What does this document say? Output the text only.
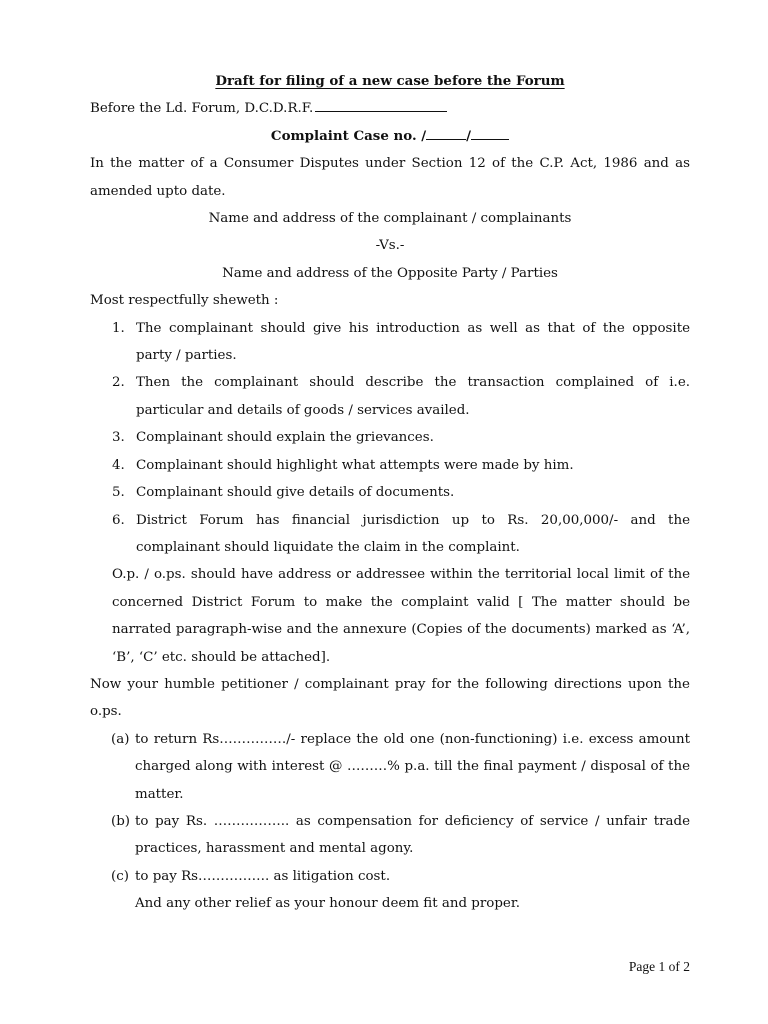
Draft for filing of a new case before the Forum
Before the Ld. Forum, D.C.D.R.F.
Complaint Case no. /	/
In the matter of a Consumer Disputes under Section 12 of the C.P. Act, 1986 and as amended upto date.
Name and address of the complainant / complainants
-Vs.-
Name and address of the Opposite Party / Parties
Most respectfully sheweth :
1. The complainant should give his introduction as well as that of the opposite party / parties.
2. Then the complainant should describe the transaction complained of i.e. particular and details of goods / services availed.
3. Complainant should explain the grievances.
4. Complainant should highlight what attempts were made by him.
5. Complainant should give details of documents.
6. District Forum has financial jurisdiction up to Rs. 20,00,000/- and the complainant should liquidate the claim in the complaint.
O.p. / o.ps. should have address or addressee within the territorial local limit of the concerned District Forum to make the complaint valid [ The matter should be narrated paragraph-wise and the annexure (Copies of the documents) marked as ‘A’, ‘B’, ‘C’ etc. should be attached].
Now your humble petitioner / complainant pray for the following directions upon the o.ps.
(a) to return Rs……………/- replace the old one (non-functioning) i.e. excess amount charged along with interest @ ………% p.a. till the final payment / disposal of the matter.
(b) to pay Rs. …………….. as compensation for deficiency of service / unfair trade practices, harassment and mental agony.
(c) to pay Rs……………. as litigation cost.
And any other relief as your honour deem fit and proper.
Page 1 of 2
